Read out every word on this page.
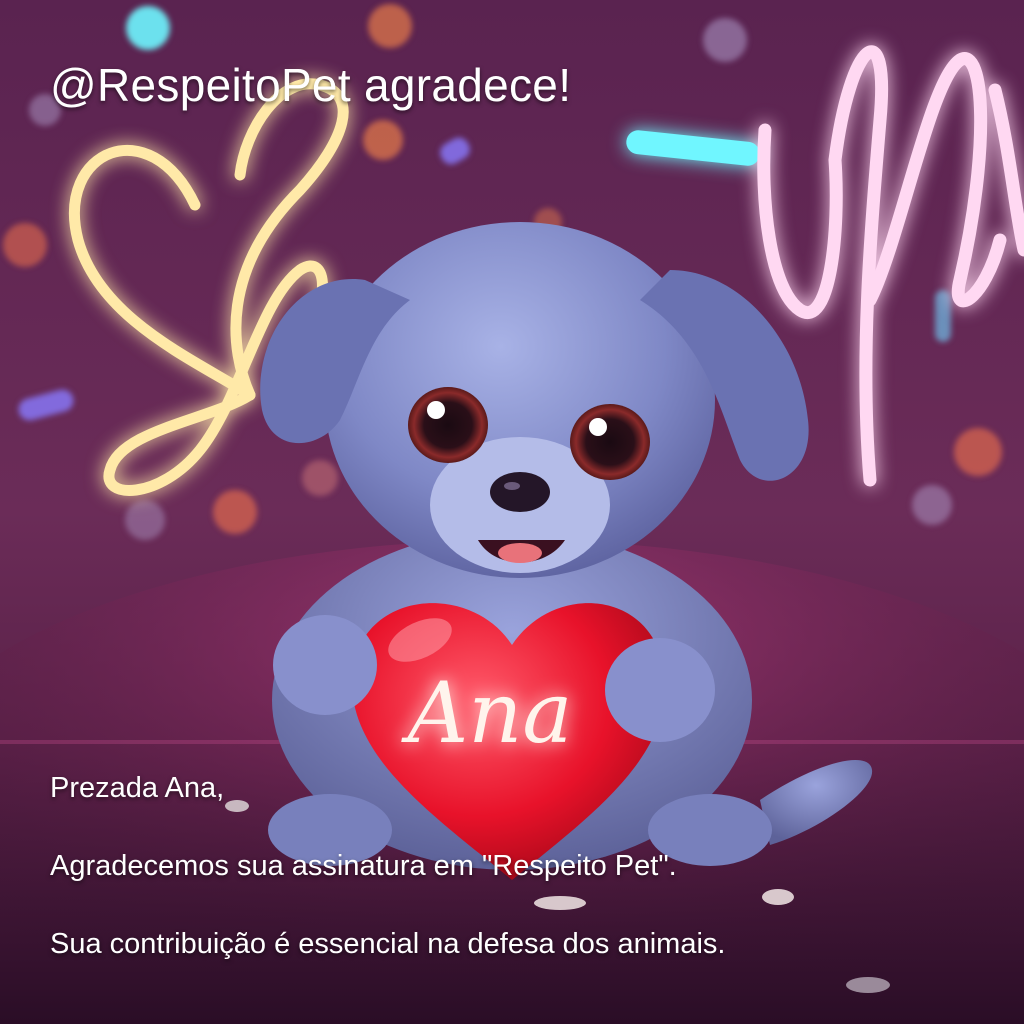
Ana
@RespeitoPet agradece!
Prezada Ana,
Agradecemos sua assinatura em "Respeito Pet".
Sua contribuição é essencial na defesa dos animais.
